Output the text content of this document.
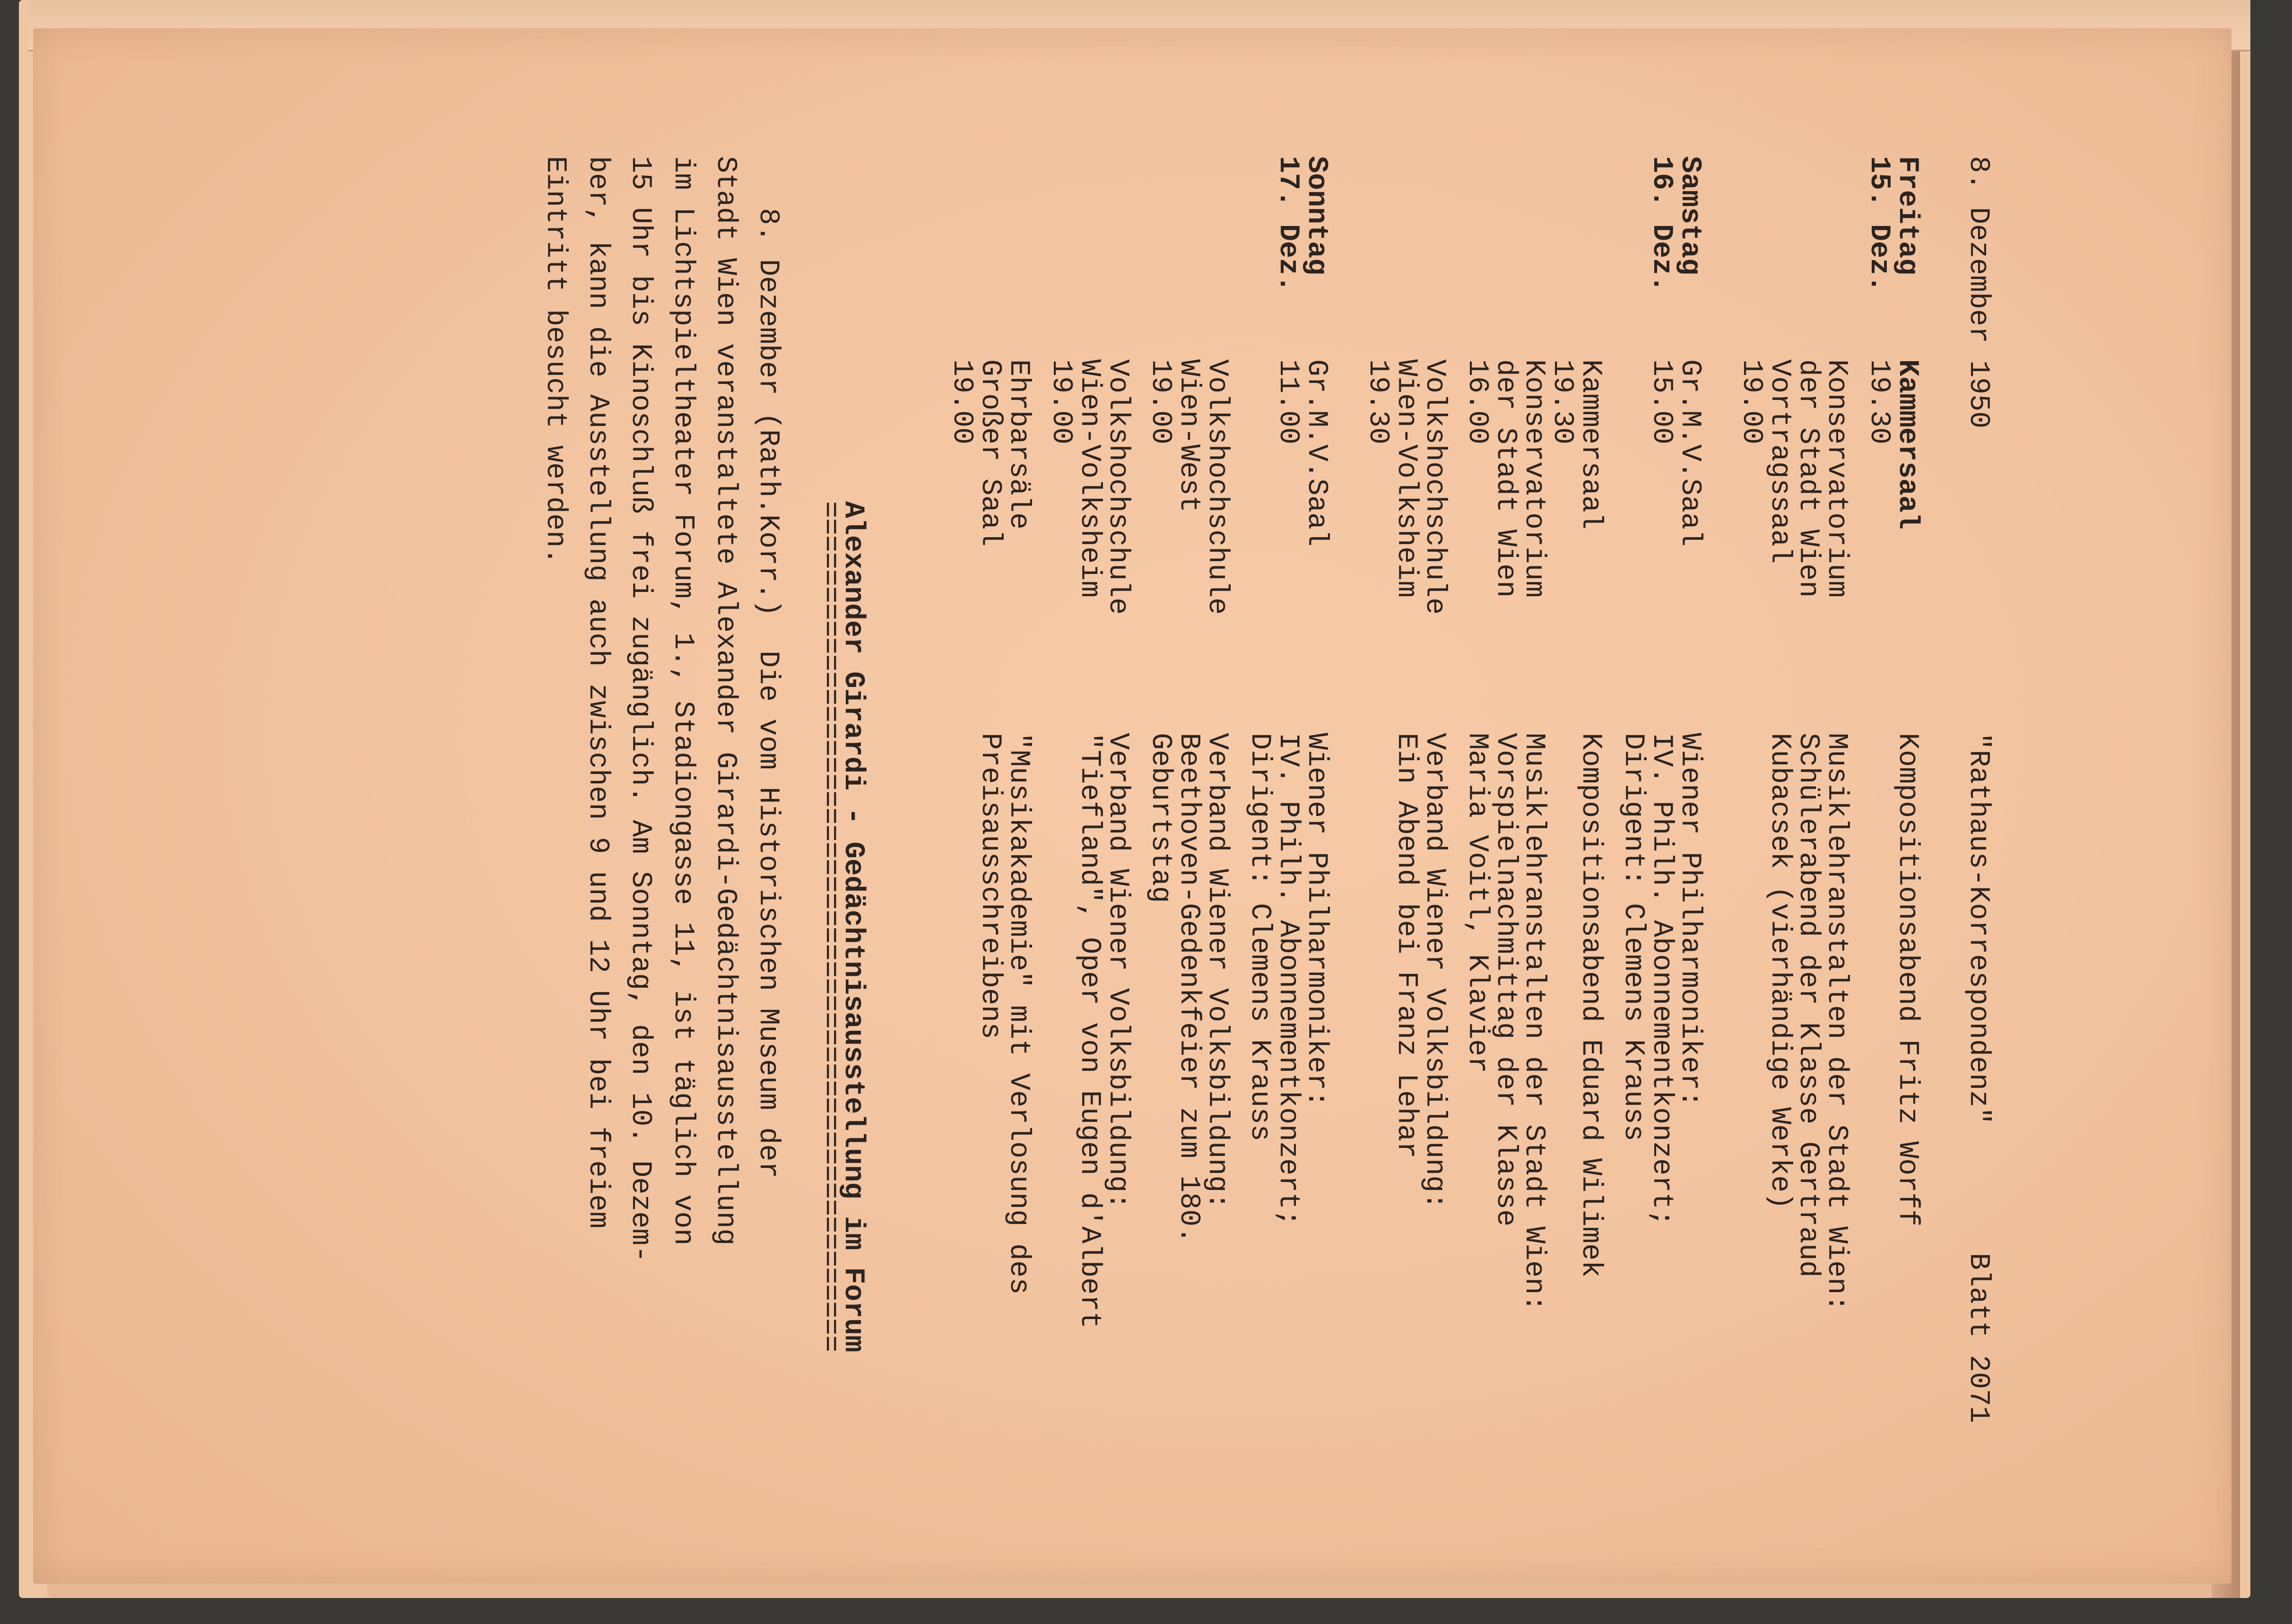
8. Dezember 1950
"Rathaus-Korrespondenz"
Blatt 2071
Freitag
15. Dez.
Kammersaal
19.30
Kompositionsabend Fritz Worff
Konservatorium
der Stadt Wien
Vortragssaal
19.00
Musiklehranstalten der Stadt Wien:
Schülerabend der Klasse Gertraud
Kubacsek (vierhändige Werke)
Samstag
16. Dez.
Gr.M.V.Saal
15.00
Wiener Philharmoniker:
IV. Philh. Abonnementkonzert;
Dirigent: Clemens Krauss
Kammersaal
19.30
Kompositionsabend Eduard Wilimek
Konservatorium
der Stadt Wien
16.00
Musiklehranstalten der Stadt Wien:
Vorspielnachmittag der Klasse
Maria Voitl, Klavier
Volkshochschule
Wien-Volksheim
19.30
Verband Wiener Volksbildung:
Ein Abend bei Franz Lehar
Sonntag
17. Dez.
Gr.M.V.Saal
11.00
Wiener Philharmoniker:
IV. Philh. Abonnementkonzert;
Dirigent: Clemens Krauss
Volkshochschule
Wien-West
19.00
Verband Wiener Volksbildung:
Beethoven-Gedenkfeier zum 180.
Geburtstag
Volkshochschule
Wien-Volksheim
19.00
Verband Wiener Volksbildung:
"Tiefland", Oper von Eugen d'Albert
Ehrbarsäle
Großer Saal
19.00
"Musikakademie" mit Verlosung des
Preisausschreibens
Alexander Girardi - Gedächtnisausstellung im Forum
==================================================
8. Dezember (Rath.Korr.)  Die vom Historischen Museum der
Stadt Wien veranstaltete Alexander Girardi-Gedächtnisausstellung
im Lichtspieltheater Forum, 1., Stadiongasse 11, ist täglich von
15 Uhr bis Kinoschluß frei zugänglich. Am Sonntag, den 10. Dezem-
ber, kann die Ausstellung auch zwischen 9 und 12 Uhr bei freiem
Eintritt besucht werden.
